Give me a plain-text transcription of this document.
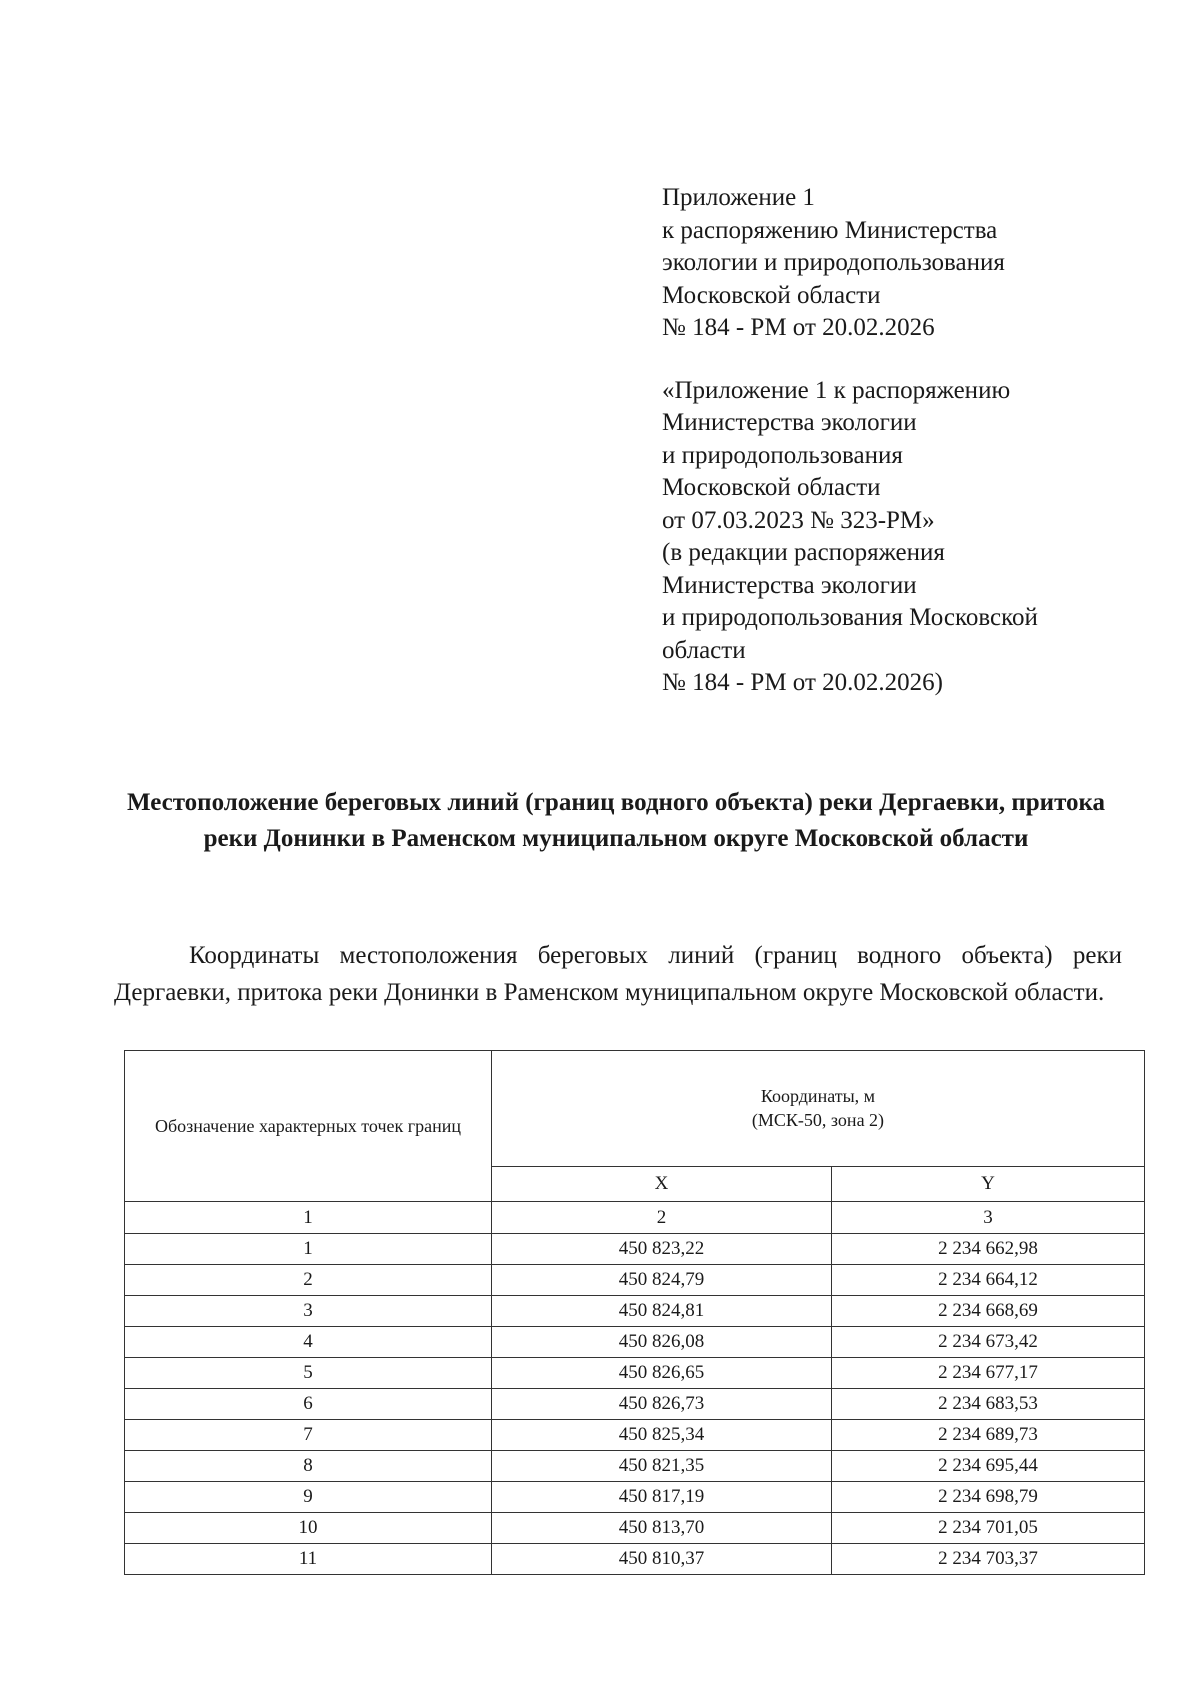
Приложение 1
к распоряжению Министерства
экологии и природопользования
Московской области
№ 184 - РМ от 20.02.2026
«Приложение 1 к распоряжению
Министерства экологии
и природопользования
Московской области
от 07.03.2023 № 323-РМ»
(в редакции распоряжения
Министерства экологии
и природопользования Московской
области
№ 184 - РМ от 20.02.2026)
Местоположение береговых линий (границ водного объекта) реки Дергаевки, притока реки Донинки в Раменском муниципальном округе Московской области
Координаты местоположения береговых линий (границ водного объекта) реки Дергаевки, притока реки Донинки в Раменском муниципальном округе Московской области.
Обозначение характерных точек границ	Координаты, м
(МСК-50, зона 2)	

	X	Y
1	2	3
1	450 823,22	2 234 662,98
2	450 824,79	2 234 664,12
3	450 824,81	2 234 668,69
4	450 826,08	2 234 673,42
5	450 826,65	2 234 677,17
6	450 826,73	2 234 683,53
7	450 825,34	2 234 689,73
8	450 821,35	2 234 695,44
9	450 817,19	2 234 698,79
10	450 813,70	2 234 701,05
11	450 810,37	2 234 703,37
